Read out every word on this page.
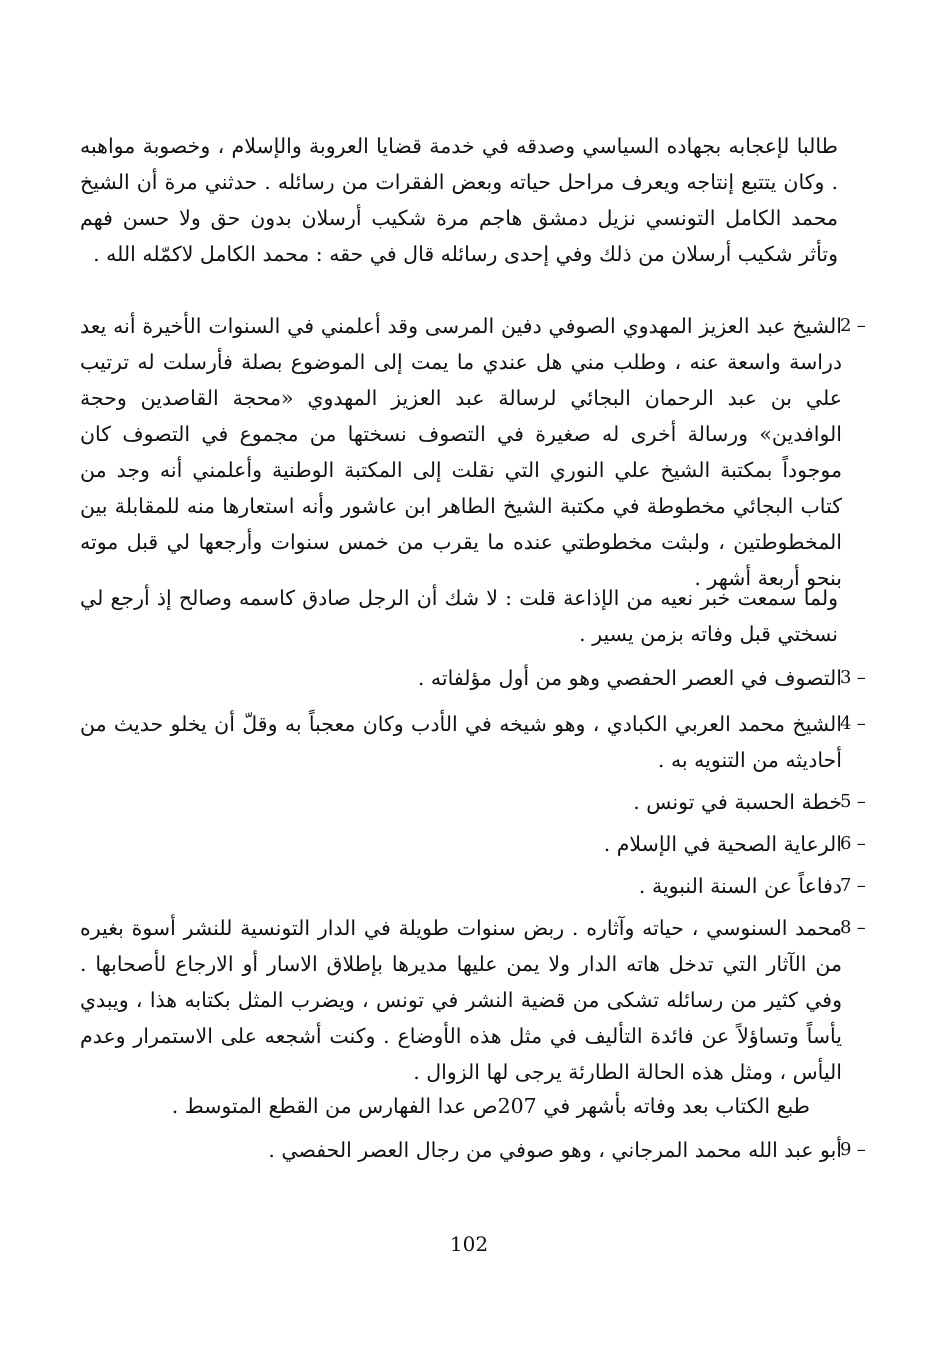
طالبا لإعجابه بجهاده السياسي وصدقه في خدمة قضايا العروبة والإسلام ، وخصوبة مواهبه . وكان يتتبع إنتاجه ويعرف مراحل حياته وبعض الفقرات من رسائله . حدثني مرة أن الشيخ محمد الكامل التونسي نزيل دمشق هاجم مرة شكيب أرسلان بدون حق ولا حسن فهم وتأثر شكيب أرسلان من ذلك وفي إحدى رسائله قال في حقه : محمد الكامل لاكمّله الله .
2 –
الشيخ عبد العزيز المهدوي الصوفي دفين المرسى وقد أعلمني في السنوات الأخيرة أنه يعد دراسة واسعة عنه ، وطلب مني هل عندي ما يمت إلى الموضوع بصلة فأرسلت له ترتيب علي بن عبد الرحمان البجائي لرسالة عبد العزيز المهدوي «محجة القاصدين وحجة الوافدين» ورسالة أخرى له صغيرة في التصوف نسختها من مجموع في التصوف كان موجوداً بمكتبة الشيخ علي النوري التي نقلت إلى المكتبة الوطنية وأعلمني أنه وجد من كتاب البجائي مخطوطة في مكتبة الشيخ الطاهر ابن عاشور وأنه استعارها منه للمقابلة بين المخطوطتين ، ولبثت مخطوطتي عنده ما يقرب من خمس سنوات وأرجعها لي قبل موته بنحو أربعة أشهر .
ولما سمعت خبر نعيه من الإذاعة قلت : لا شك أن الرجل صادق كاسمه وصالح إذ أرجع لي نسختي قبل وفاته بزمن يسير .
3 –
التصوف في العصر الحفصي وهو من أول مؤلفاته .
4 –
الشيخ محمد العربي الكبادي ، وهو شيخه في الأدب وكان معجباً به وقلّ أن يخلو حديث من أحاديثه من التنويه به .
5 –
خطة الحسبة في تونس .
6 –
الرعاية الصحية في الإسلام .
7 –
دفاعاً عن السنة النبوية .
8 –
محمد السنوسي ، حياته وآثاره . ربض سنوات طويلة في الدار التونسية للنشر أسوة بغيره من الآثار التي تدخل هاته الدار ولا يمن عليها مديرها بإطلاق الاسار أو الارجاع لأصحابها . وفي كثير من رسائله تشكى من قضية النشر في تونس ، ويضرب المثل بكتابه هذا ، ويبدي يأساً وتساؤلاً عن فائدة التأليف في مثل هذه الأوضاع . وكنت أشجعه على الاستمرار وعدم اليأس ، ومثل هذه الحالة الطارئة يرجى لها الزوال .
طبع الكتاب بعد وفاته بأشهر في 207ص عدا الفهارس من القطع المتوسط .
9 –
أبو عبد الله محمد المرجاني ، وهو صوفي من رجال العصر الحفصي .
102
